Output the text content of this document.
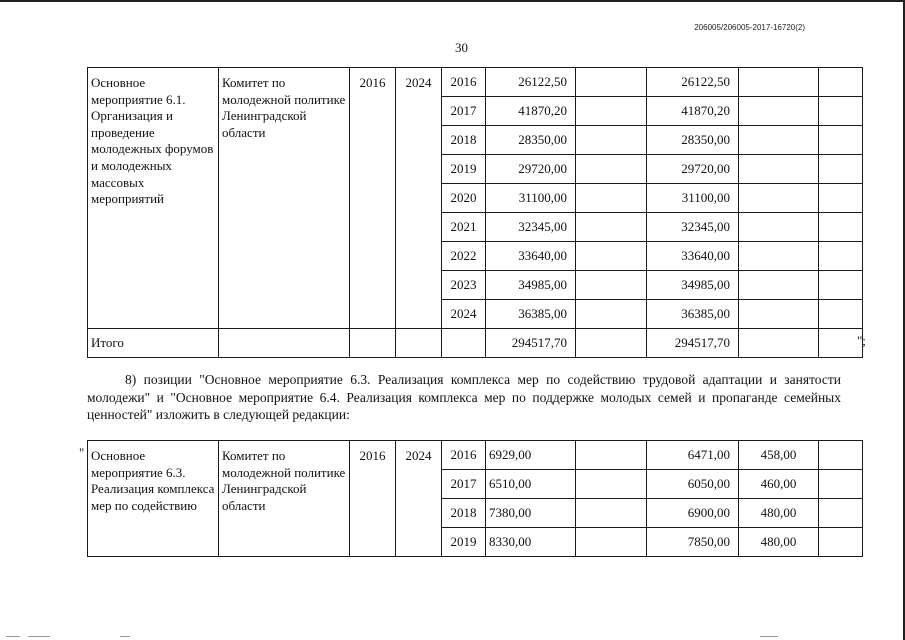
206005/206005-2017-16720(2)
30
Основное мероприятие 6.1. Организация и проведение молодежных форумов и молодежных массовых мероприятий	Комитет по молодежной политике Ленинградской области	2016	2024	2016	26122,50		26122,50		
				2017	41870,20		41870,20		
				2018	28350,00		28350,00		
				2019	29720,00		29720,00		
				2020	31100,00		31100,00		
				2021	32345,00		32345,00		
				2022	33640,00		33640,00		
				2023	34985,00		34985,00		
				2024	36385,00		36385,00		
Итого					294517,70		294517,70			";
8) позиции "Основное мероприятие 6.3. Реализация комплекса мер по содействию трудовой адаптации и занятости молодежи" и "Основное мероприятие 6.4. Реализация комплекса мер по поддержке молодых семей и пропаганде семейных ценностей" изложить в следующей редакции:
" Основное мероприятие 6.3. Реализация комплекса мер по содействию	Комитет по молодежной политике Ленинградской области	2016	2024	2016	6929,00		6471,00	458,00	
				2017	6510,00		6050,00	460,00	
				2018	7380,00		6900,00	480,00	
				2019	8330,00		7850,00	480,00	
